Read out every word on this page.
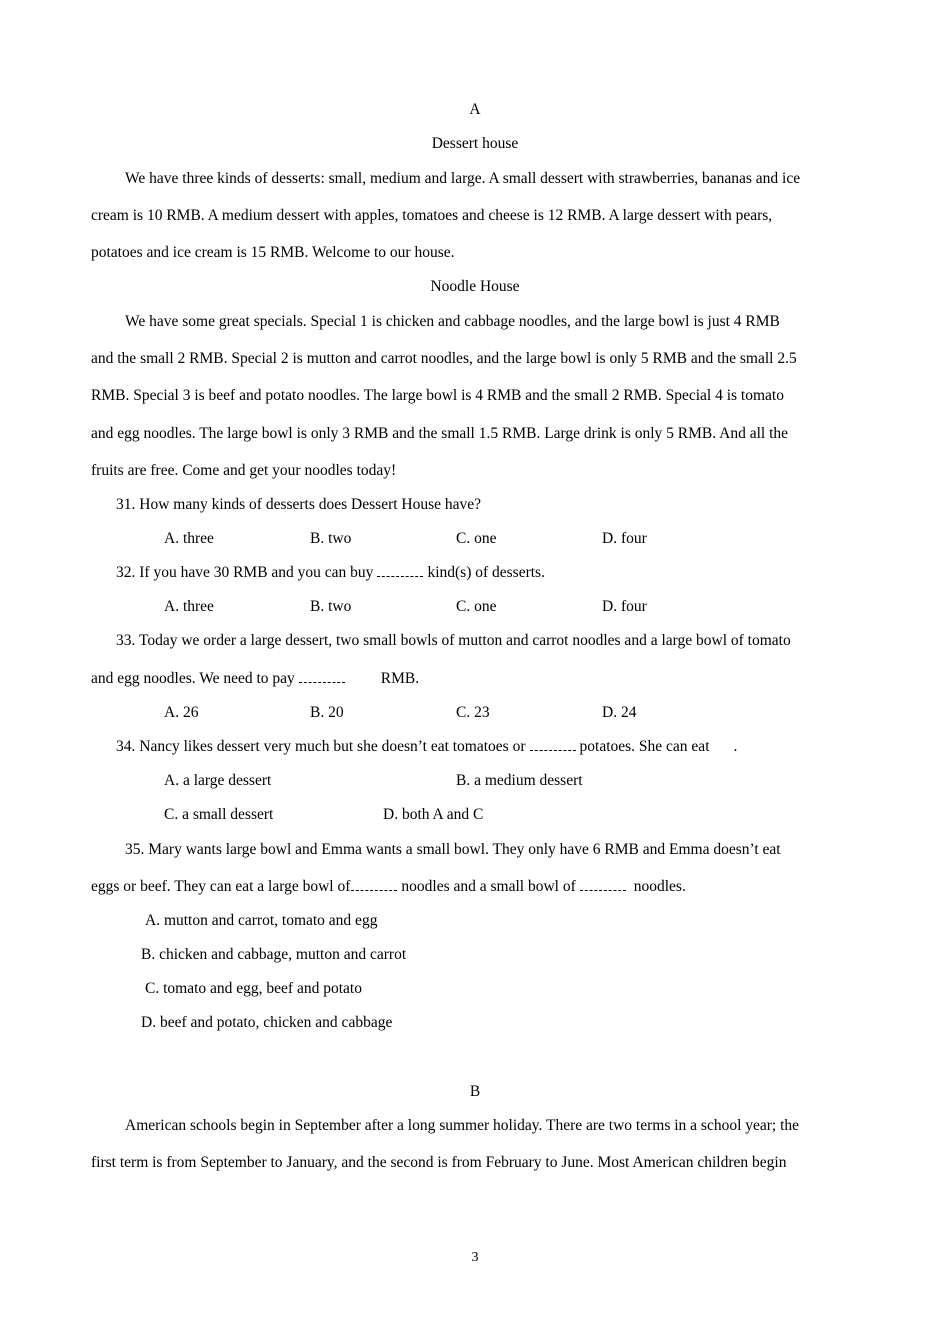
A
Dessert house
We have three kinds of desserts: small, medium and large. A small dessert with strawberries, bananas and ice
cream is 10 RMB. A medium dessert with apples, tomatoes and cheese is 12 RMB. A large dessert with pears,
potatoes and ice cream is 15 RMB. Welcome to our house.
Noodle House
We have some great specials. Special 1 is chicken and cabbage noodles, and the large bowl is just 4 RMB
and the small 2 RMB. Special 2 is mutton and carrot noodles, and the large bowl is only 5 RMB and the small 2.5
RMB. Special 3 is beef and potato noodles. The large bowl is 4 RMB and the small 2 RMB. Special 4 is tomato
and egg noodles. The large bowl is only 3 RMB and the small 1.5 RMB. Large drink is only 5 RMB. And all the
fruits are free. Come and get your noodles today!
31. How many kinds of desserts does Dessert House have?
A. three	B. two	C. one	D. four
32. If you have 30 RMB and you can buy	kind(s) of desserts.
A. three	B. two	C. one	D. four
33. Today we order a large dessert, two small bowls of mutton and carrot noodles and a large bowl of tomato
and egg noodles. We need to pay	RMB.
A. 26	B. 20	C. 23	D. 24
34. Nancy likes dessert very much but she doesn’t eat tomatoes or	potatoes. She can eat .
A. a large dessert	B. a medium dessert
C. a small dessert	D. both A and C
35. Mary wants large bowl and Emma wants a small bowl. They only have 6 RMB and Emma doesn’t eat
eggs or beef. They can eat a large bowl of	noodles and a small bowl of	noodles.
A. mutton and carrot, tomato and egg
B. chicken and cabbage, mutton and carrot
C. tomato and egg, beef and potato
D. beef and potato, chicken and cabbage
B
American schools begin in September after a long summer holiday. There are two terms in a school year; the
first term is from September to January, and the second is from February to June. Most American children begin
3
